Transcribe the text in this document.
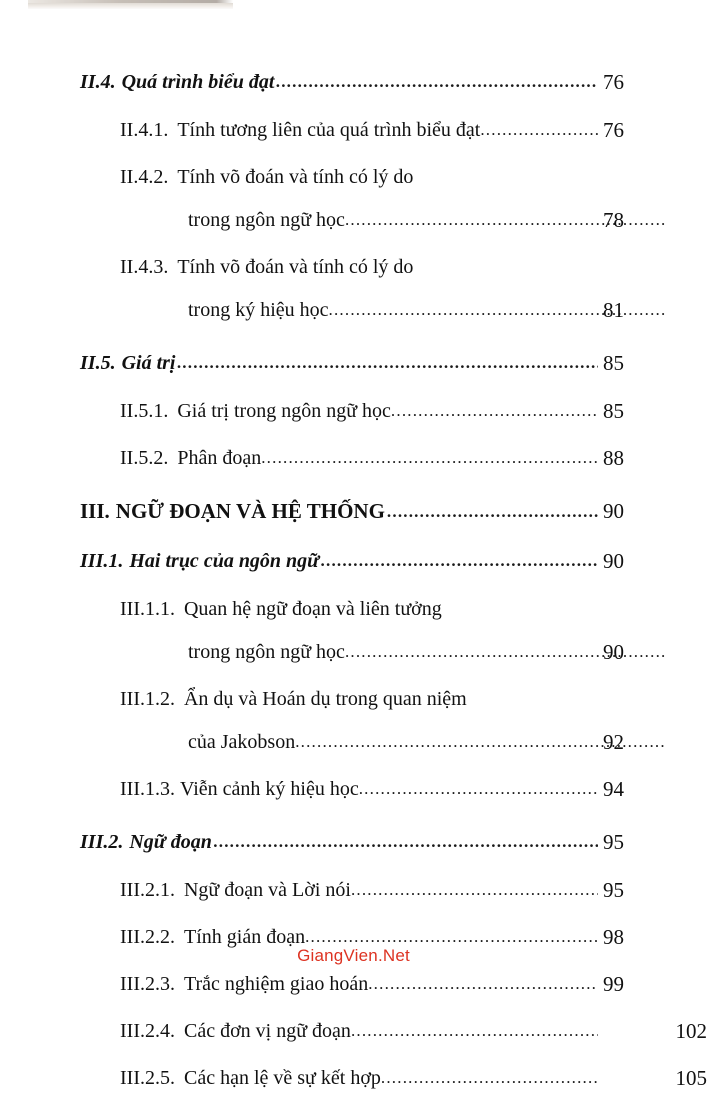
II.4. Quá trình biểu đạt .....	76
II.4.1. Tính tương liên của quá trình biểu đạt .....	76
II.4.2. Tính võ đoán và tính có lý do
trong ngôn ngữ học .....	78
II.4.3. Tính võ đoán và tính có lý do
trong ký hiệu học .....	81
II.5. Giá trị .....	85
II.5.1. Giá trị trong ngôn ngữ học .....	85
II.5.2. Phân đoạn .....	88
III. NGỮ ĐOẠN VÀ HỆ THỐNG .....	90
III.1. Hai trục của ngôn ngữ .....	90
III.1.1. Quan hệ ngữ đoạn và liên tưởng
trong ngôn ngữ học .....	90
III.1.2. Ẩn dụ và Hoán dụ trong quan niệm
của Jakobson .....	92
III.1.3. Viễn cảnh ký hiệu học .....	94
III.2. Ngữ đoạn .....	95
III.2.1. Ngữ đoạn và Lời nói .....	95
III.2.2. Tính gián đoạn .....	98
III.2.3. Trắc nghiệm giao hoán .....	99
III.2.4. Các đơn vị ngữ đoạn .....	102
III.2.5. Các hạn lệ về sự kết hợp .....	105
GiangVien.Net
